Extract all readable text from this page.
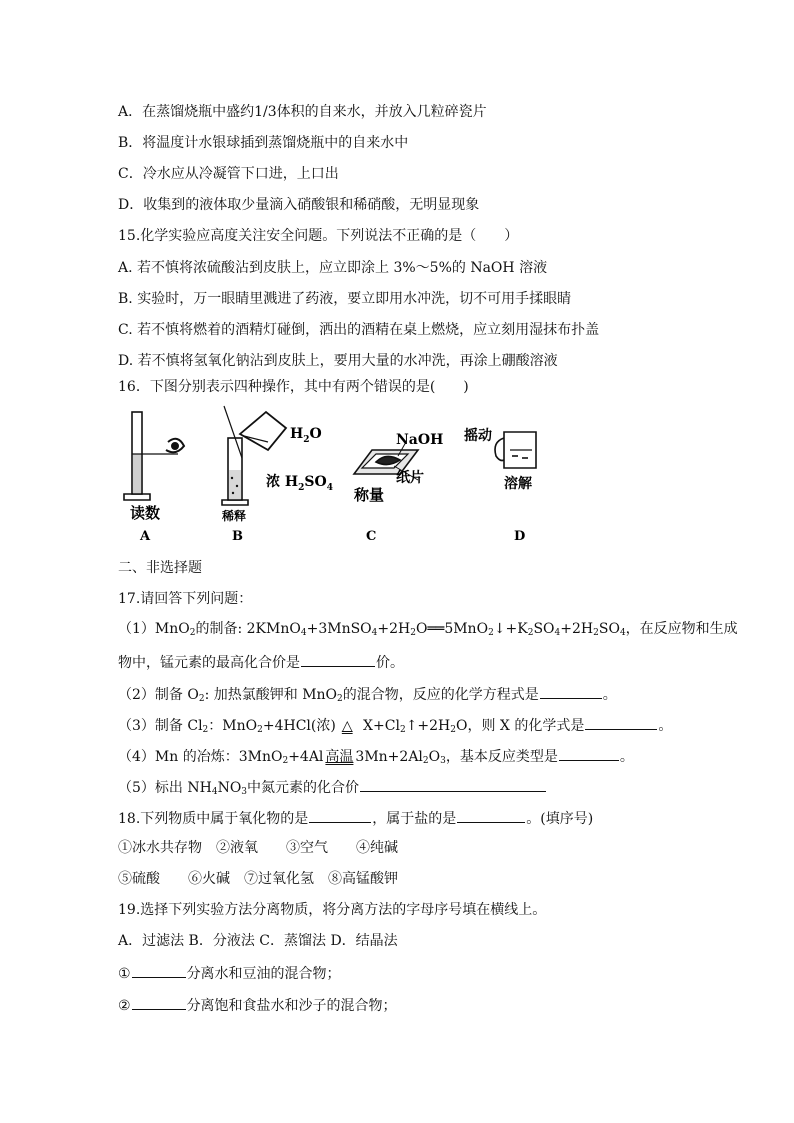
A．在蒸馏烧瓶中盛约1/3体积的自来水，并放入几粒碎瓷片
B．将温度计水银球插到蒸馏烧瓶中的自来水中
C．冷水应从冷凝管下口进，上口出
D．收集到的液体取少量滴入硝酸银和稀硝酸，无明显现象
15.化学实验应高度关注安全问题。下列说法不正确的是（　　）
A. 若不慎将浓硫酸沾到皮肤上，应立即涂上 3%～5%的 NaOH 溶液
B. 实验时，万一眼睛里溅进了药液，要立即用水冲洗，切不可用手揉眼睛
C. 若不慎将燃着的酒精灯碰倒，洒出的酒精在桌上燃烧，应立刻用湿抹布扑盖
D. 若不慎将氢氧化钠沾到皮肤上，要用大量的水冲洗，再涂上硼酸溶液
16．下图分别表示四种操作，其中有两个错误的是(　　)
读数
A
$H_2O$
浓 $H_2SO_4$
稀释
B
NaOH
纸片
称量
C
摇动
溶解
D
二、非选择题
17.请回答下列问题：
（1）MnO$_2$的制备: $2KMnO_4+3MnSO_4+2H_2O══5MnO_2↓+K_2SO_4+2H_2SO_4$，在反应物和生成
物中，锰元素的最高化合价是	价。
（2）制备 $O_2$: 加热氯酸钾和 MnO$_2$的混合物，反应的化学方程式是	。
（3）制备 $Cl_2$：MnO$_2$+4HCl(浓) △ $X+Cl_2↑+2H_2O$，则 X 的化学式是	。
（4）Mn 的冶炼：3MnO$_2$+4Al 高温 $3Mn+2Al_2O_3$，基本反应类型是	。
（5）标出 $NH_4NO_3$中氮元素的化合价
18.下列物质中属于氧化物的是	，属于盐的是	。(填序号)
①冰水共存物　②液氧　　③空气　　④纯碱
⑤硫酸　　⑥火碱　⑦过氧化氢　⑧高锰酸钾
19.选择下列实验方法分离物质，将分离方法的字母序号填在横线上。
A．过滤法 B．分液法 C．蒸馏法 D．结晶法
①	分离水和豆油的混合物；
②	分离饱和食盐水和沙子的混合物；
